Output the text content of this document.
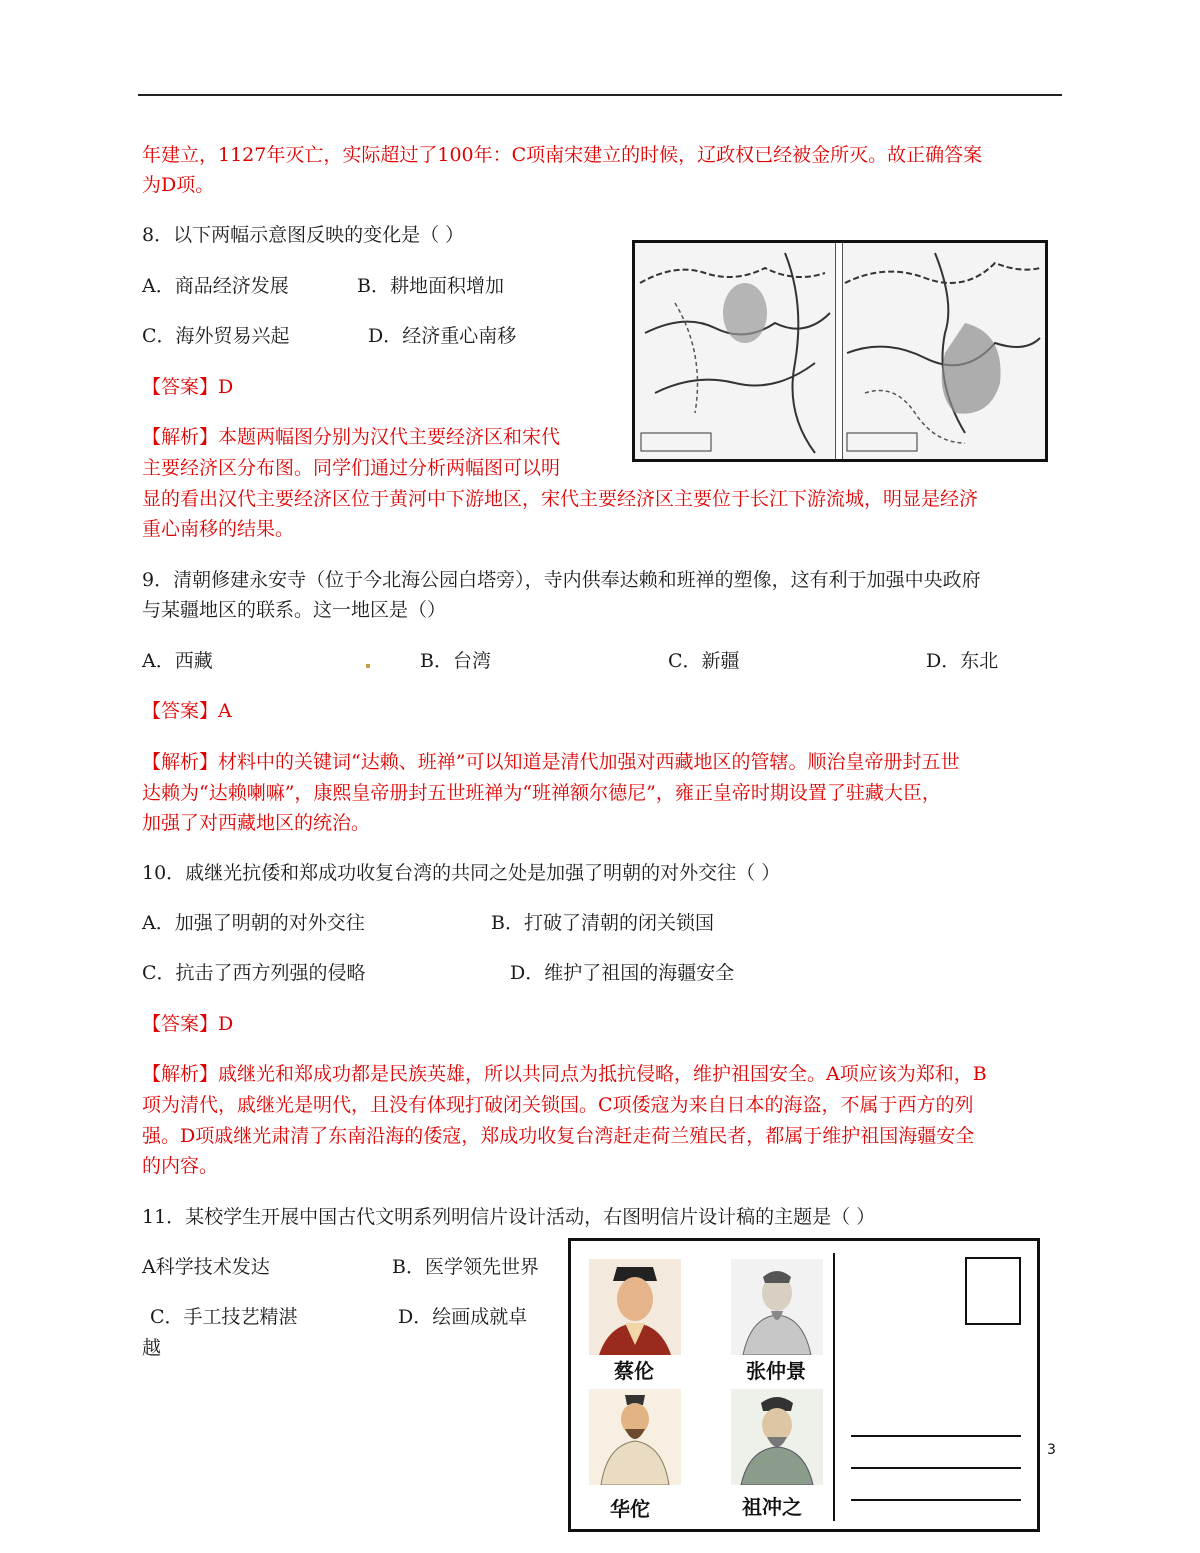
年建立，1127年灭亡，实际超过了100年：C项南宋建立的时候，辽政权已经被金所灭。故正确答案
为D项。
8．以下两幅示意图反映的变化是（ ）
A．商品经济发展	B．耕地面积增加
C．海外贸易兴起	D．经济重心南移
【答案】D
【解析】本题两幅图分别为汉代主要经济区和宋代
主要经济区分布图。同学们通过分析两幅图可以明
显的看出汉代主要经济区位于黄河中下游地区，宋代主要经济区主要位于长江下游流城，明显是经济
重心南移的结果。
9．清朝修建永安寺（位于今北海公园白塔旁），寺内供奉达赖和班禅的塑像，这有利于加强中央政府
与某疆地区的联系。这一地区是（）
A．西藏	B．台湾	C．新疆	D．东北
【答案】A
【解析】材料中的关键词“达赖、班禅”可以知道是清代加强对西藏地区的管辖。顺治皇帝册封五世
达赖为“达赖喇嘛”，康熙皇帝册封五世班禅为“班禅额尔德尼”，雍正皇帝时期设置了驻藏大臣，
加强了对西藏地区的统治。
10．戚继光抗倭和郑成功收复台湾的共同之处是加强了明朝的对外交往（ ）
A．加强了明朝的对外交往	B．打破了清朝的闭关锁国
C．抗击了西方列强的侵略	D．维护了祖国的海疆安全
【答案】D
【解析】戚继光和郑成功都是民族英雄，所以共同点为抵抗侵略，维护祖国安全。A项应该为郑和，B
项为清代，戚继光是明代，且没有体现打破闭关锁国。C项倭寇为来自日本的海盗，不属于西方的列
强。D项戚继光肃清了东南沿海的倭寇，郑成功收复台湾赶走荷兰殖民者，都属于维护祖国海疆安全
的内容。
11．某校学生开展中国古代文明系列明信片设计活动，右图明信片设计稿的主题是（ ）
A科学技术发达	B．医学领先世界
C．手工技艺精湛	D．绘画成就卓
越
蔡伦	张仲景
华佗	祖冲之
3
